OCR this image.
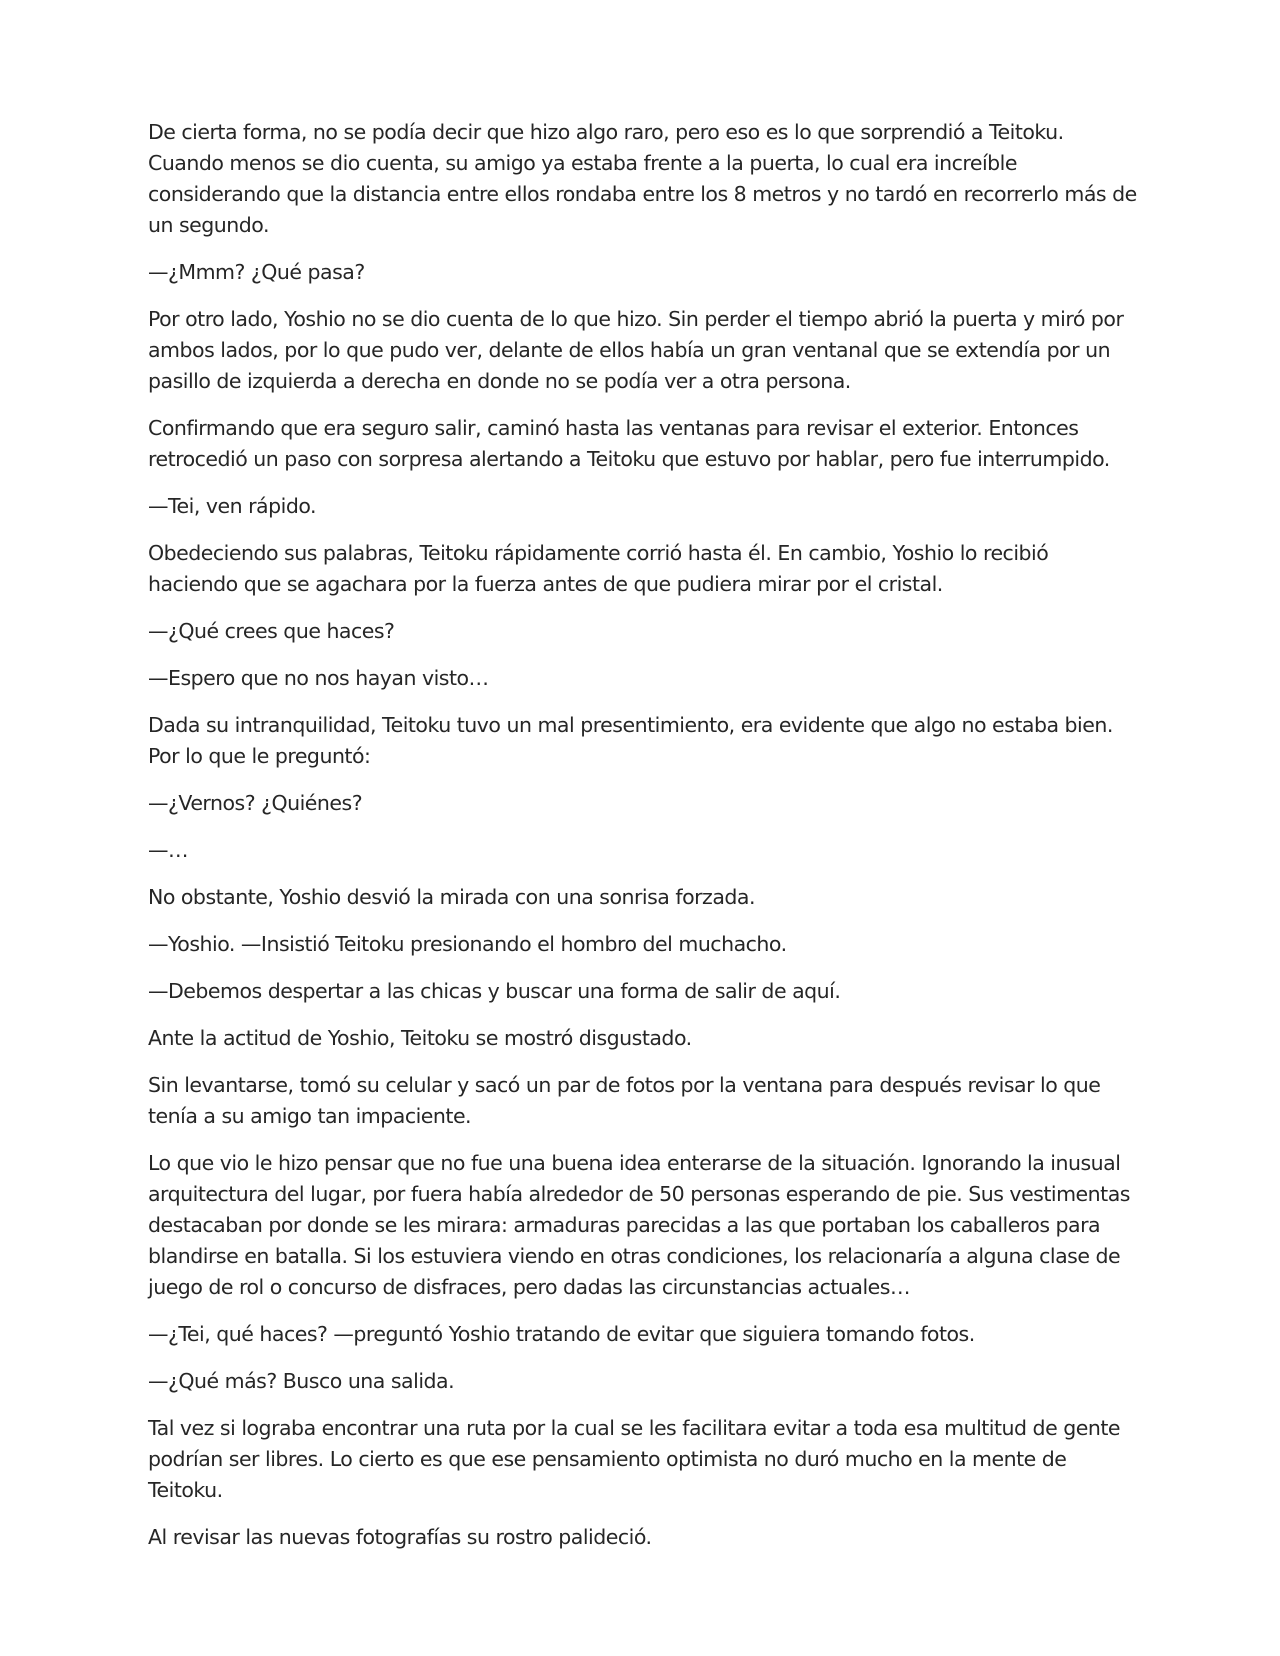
De cierta forma, no se podía decir que hizo algo raro, pero eso es lo que sorprendió a Teitoku. Cuando menos se dio cuenta, su amigo ya estaba frente a la puerta, lo cual era increíble considerando que la distancia entre ellos rondaba entre los 8 metros y no tardó en recorrerlo más de un segundo.

—¿Mmm? ¿Qué pasa?

Por otro lado, Yoshio no se dio cuenta de lo que hizo. Sin perder el tiempo abrió la puerta y miró por ambos lados, por lo que pudo ver, delante de ellos había un gran ventanal que se extendía por un pasillo de izquierda a derecha en donde no se podía ver a otra persona.

Confirmando que era seguro salir, caminó hasta las ventanas para revisar el exterior. Entonces retrocedió un paso con sorpresa alertando a Teitoku que estuvo por hablar, pero fue interrumpido.

—Tei, ven rápido.

Obedeciendo sus palabras, Teitoku rápidamente corrió hasta él. En cambio, Yoshio lo recibió haciendo que se agachara por la fuerza antes de que pudiera mirar por el cristal.

—¿Qué crees que haces?

—Espero que no nos hayan visto…

Dada su intranquilidad, Teitoku tuvo un mal presentimiento, era evidente que algo no estaba bien. Por lo que le preguntó:

—¿Vernos? ¿Quiénes?

—…

No obstante, Yoshio desvió la mirada con una sonrisa forzada.

—Yoshio. —Insistió Teitoku presionando el hombro del muchacho.

—Debemos despertar a las chicas y buscar una forma de salir de aquí.

Ante la actitud de Yoshio, Teitoku se mostró disgustado.

Sin levantarse, tomó su celular y sacó un par de fotos por la ventana para después revisar lo que tenía a su amigo tan impaciente.

Lo que vio le hizo pensar que no fue una buena idea enterarse de la situación. Ignorando la inusual arquitectura del lugar, por fuera había alrededor de 50 personas esperando de pie. Sus vestimentas destacaban por donde se les mirara: armaduras parecidas a las que portaban los caballeros para blandirse en batalla. Si los estuviera viendo en otras condiciones, los relacionaría a alguna clase de juego de rol o concurso de disfraces, pero dadas las circunstancias actuales…

—¿Tei, qué haces? —preguntó Yoshio tratando de evitar que siguiera tomando fotos.

—¿Qué más? Busco una salida.

Tal vez si lograba encontrar una ruta por la cual se les facilitara evitar a toda esa multitud de gente podrían ser libres. Lo cierto es que ese pensamiento optimista no duró mucho en la mente de Teitoku.

Al revisar las nuevas fotografías su rostro palideció.
